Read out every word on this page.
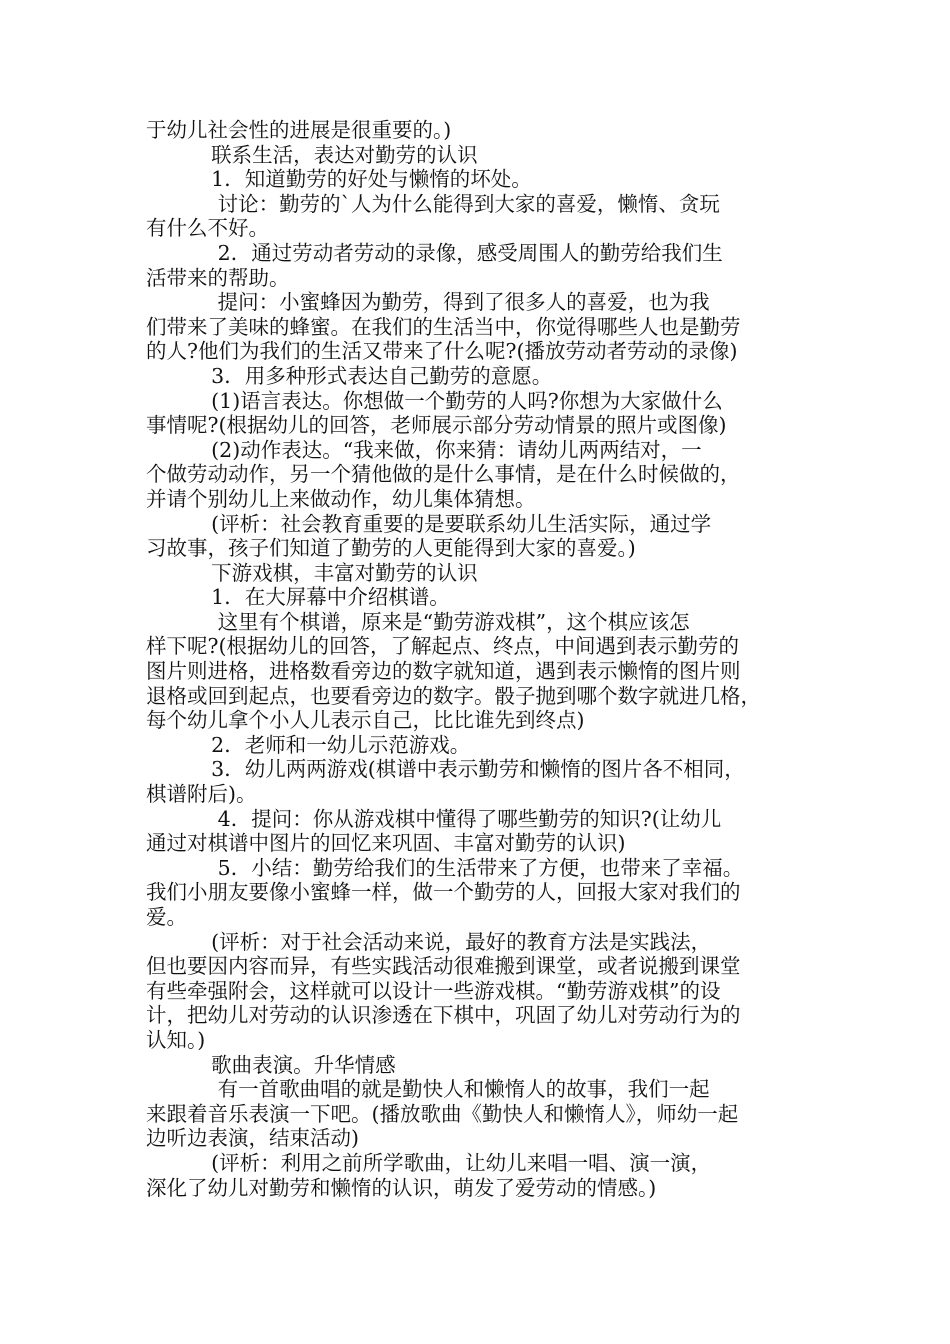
于幼儿社会性的进展是很重要的。)
联系生活，表达对勤劳的认识
1．知道勤劳的好处与懒惰的坏处。
讨论：勤劳的`人为什么能得到大家的喜爱，懒惰、贪玩
有什么不好。
2．通过劳动者劳动的录像，感受周围人的勤劳给我们生
活带来的帮助。
提问：小蜜蜂因为勤劳，得到了很多人的喜爱，也为我
们带来了美味的蜂蜜。在我们的生活当中，你觉得哪些人也是勤劳
的人?他们为我们的生活又带来了什么呢?(播放劳动者劳动的录像)
3．用多种形式表达自己勤劳的意愿。
(1)语言表达。你想做一个勤劳的人吗?你想为大家做什么
事情呢?(根据幼儿的回答，老师展示部分劳动情景的照片或图像)
(2)动作表达。“我来做，你来猜：请幼儿两两结对，一
个做劳动动作，另一个猜他做的是什么事情，是在什么时候做的，
并请个别幼儿上来做动作，幼儿集体猜想。
(评析：社会教育重要的是要联系幼儿生活实际，通过学
习故事，孩子们知道了勤劳的人更能得到大家的喜爱。)
下游戏棋，丰富对勤劳的认识
1．在大屏幕中介绍棋谱。
这里有个棋谱，原来是“勤劳游戏棋”，这个棋应该怎
样下呢?(根据幼儿的回答，了解起点、终点，中间遇到表示勤劳的
图片则进格，进格数看旁边的数字就知道，遇到表示懒惰的图片则
退格或回到起点，也要看旁边的数字。骰子抛到哪个数字就进几格，
每个幼儿拿个小人儿表示自己，比比谁先到终点)
2．老师和一幼儿示范游戏。
3．幼儿两两游戏(棋谱中表示勤劳和懒惰的图片各不相同，
棋谱附后)。
4．提问：你从游戏棋中懂得了哪些勤劳的知识?(让幼儿
通过对棋谱中图片的回忆来巩固、丰富对勤劳的认识)
5．小结：勤劳给我们的生活带来了方便，也带来了幸福。
我们小朋友要像小蜜蜂一样，做一个勤劳的人，回报大家对我们的
爱。
(评析：对于社会活动来说，最好的教育方法是实践法，
但也要因内容而异，有些实践活动很难搬到课堂，或者说搬到课堂
有些牵强附会，这样就可以设计一些游戏棋。“勤劳游戏棋”的设
计，把幼儿对劳动的认识渗透在下棋中，巩固了幼儿对劳动行为的
认知。)
歌曲表演。升华情感
有一首歌曲唱的就是勤快人和懒惰人的故事，我们一起
来跟着音乐表演一下吧。(播放歌曲《勤快人和懒惰人》，师幼一起
边听边表演，结束活动)
(评析：利用之前所学歌曲，让幼儿来唱一唱、演一演，
深化了幼儿对勤劳和懒惰的认识，萌发了爱劳动的情感。)
